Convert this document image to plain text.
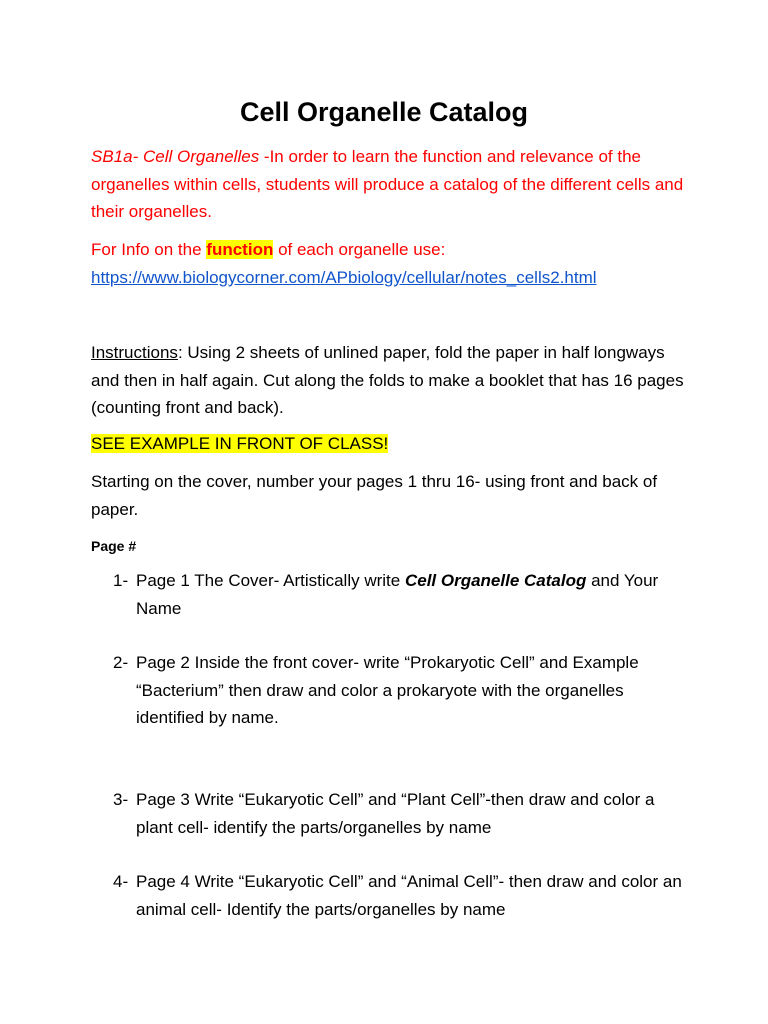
Cell Organelle Catalog
SB1a- Cell Organelles -In order to learn the function and relevance of the organelles within cells, students will produce a catalog of the different cells and their organelles.
For Info on the function of each organelle use:
https://www.biologycorner.com/APbiology/cellular/notes_cells2.html
Instructions: Using 2 sheets of unlined paper, fold the paper in half longways and then in half again. Cut along the folds to make a booklet that has 16 pages (counting front and back).
SEE EXAMPLE IN FRONT OF CLASS!
Starting on the cover, number your pages 1 thru 16- using front and back of paper.
Page #
1- Page 1 The Cover- Artistically write Cell Organelle Catalog and Your Name
2- Page 2 Inside the front cover- write “Prokaryotic Cell” and Example “Bacterium” then draw and color a prokaryote with the organelles identified by name.
3- Page 3 Write “Eukaryotic Cell” and “Plant Cell”-then draw and color a plant cell- identify the parts/organelles by name
4- Page 4 Write “Eukaryotic Cell” and “Animal Cell”- then draw and color an animal cell- Identify the parts/organelles by name
